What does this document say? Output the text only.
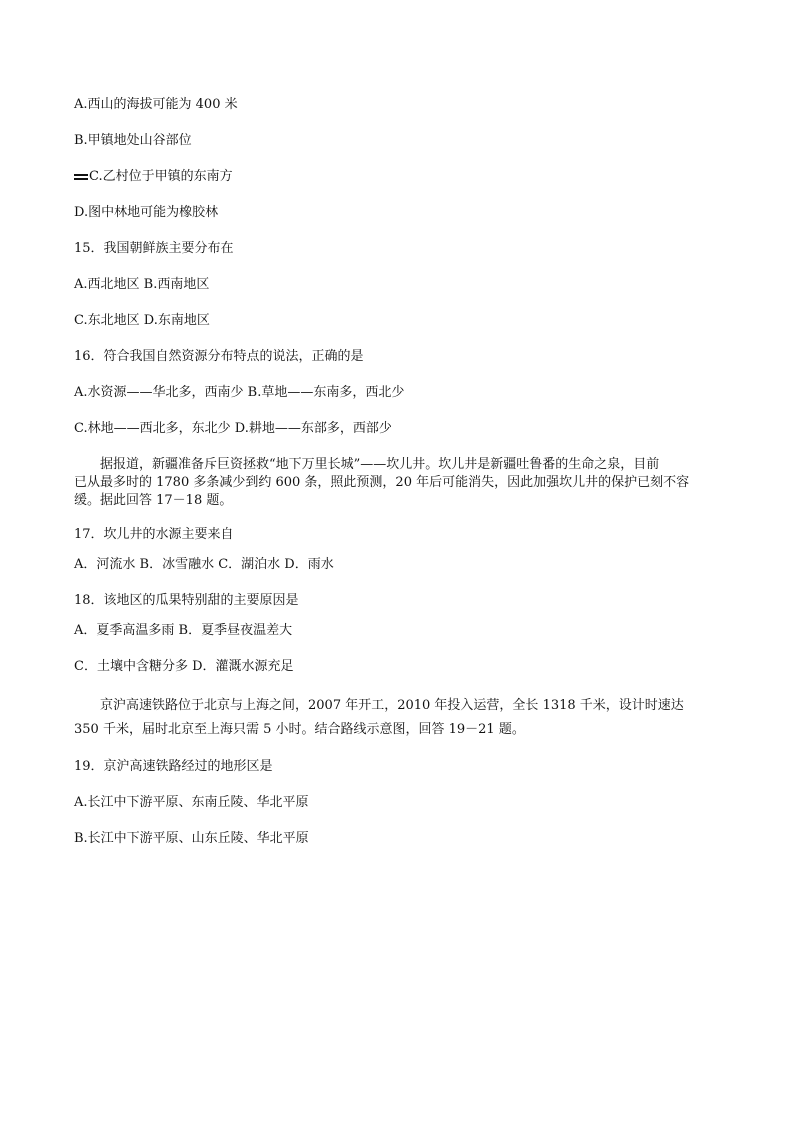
A.西山的海拔可能为 400 米
B.甲镇地处山谷部位
C.乙村位于甲镇的东南方
D.图中林地可能为橡胶林
15．我国朝鲜族主要分布在
A.西北地区 B.西南地区
C.东北地区 D.东南地区
16．符合我国自然资源分布特点的说法，正确的是
A.水资源——华北多，西南少 B.草地——东南多，西北少
C.林地——西北多，东北少 D.耕地——东部多，西部少
据报道，新疆准备斥巨资拯救“地下万里长城”——坎儿井。坎儿井是新疆吐鲁番的生命之泉，目前
已从最多时的 1780 多条减少到约 600 条，照此预测，20 年后可能消失，因此加强坎儿井的保护已刻不容
缓。据此回答 17－18 题。
17．坎儿井的水源主要来自
A．河流水 B．冰雪融水 C．湖泊水 D．雨水
18．该地区的瓜果特别甜的主要原因是
A．夏季高温多雨 B．夏季昼夜温差大
C．土壤中含糖分多 D．灌溉水源充足
京沪高速铁路位于北京与上海之间，2007 年开工，2010 年投入运营，全长 1318 千米，设计时速达
350 千米，届时北京至上海只需 5 小时。结合路线示意图，回答 19－21 题。
19．京沪高速铁路经过的地形区是
A.长江中下游平原、东南丘陵、华北平原
B.长江中下游平原、山东丘陵、华北平原
